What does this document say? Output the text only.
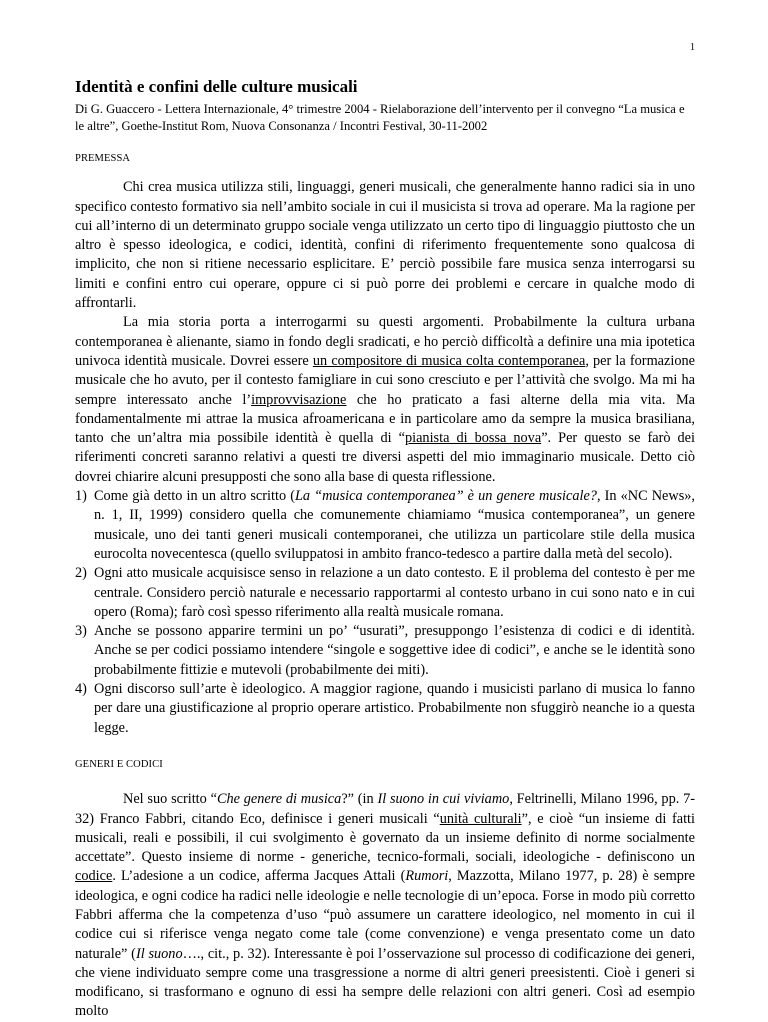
1
Identità e confini delle culture musicali
Di G. Guaccero - Lettera Internazionale, 4° trimestre 2004 - Rielaborazione dell’intervento per il convegno “La musica e le altre”, Goethe-Institut Rom, Nuova Consonanza / Incontri Festival, 30-11-2002
PREMESSA

Chi crea musica utilizza stili, linguaggi, generi musicali, che generalmente hanno radici sia in uno specifico contesto formativo sia nell’ambito sociale in cui il musicista si trova ad operare. Ma la ragione per cui all’interno di un determinato gruppo sociale venga utilizzato un certo tipo di linguaggio piuttosto che un altro è spesso ideologica, e codici, identità, confini di riferimento frequentemente sono qualcosa di implicito, che non si ritiene necessario esplicitare. E’ perciò possibile fare musica senza interrogarsi su limiti e confini entro cui operare, oppure ci si può porre dei problemi e cercare in qualche modo di affrontarli.

La mia storia porta a interrogarmi su questi argomenti. Probabilmente la cultura urbana contemporanea è alienante, siamo in fondo degli sradicati, e ho perciò difficoltà a definire una mia ipotetica univoca identità musicale. Dovrei essere un compositore di musica colta contemporanea, per la formazione musicale che ho avuto, per il contesto famigliare in cui sono cresciuto e per l’attività che svolgo. Ma mi ha sempre interessato anche l’improvvisazione che ho praticato a fasi alterne della mia vita. Ma fondamentalmente mi attrae la musica afroamericana e in particolare amo da sempre la musica brasiliana, tanto che un’altra mia possibile identità è quella di “pianista di bossa nova”. Per questo se farò dei riferimenti concreti saranno relativi a questi tre diversi aspetti del mio immaginario musicale. Detto ciò dovrei chiarire alcuni presupposti che sono alla base di questa riflessione.

1) Come già detto in un altro scritto (La “musica contemporanea” è un genere musicale?, In «NC News», n. 1, II, 1999) considero quella che comunemente chiamiamo “musica contemporanea”, un genere musicale, uno dei tanti generi musicali contemporanei, che utilizza un particolare stile della musica eurocolta novecentesca (quello sviluppatosi in ambito franco-tedesco a partire dalla metà del secolo).
2) Ogni atto musicale acquisisce senso in relazione a un dato contesto. E il problema del contesto è per me centrale. Considero perciò naturale e necessario rapportarmi al contesto urbano in cui sono nato e in cui opero (Roma); farò così spesso riferimento alla realtà musicale romana.
3) Anche se possono apparire termini un po’ “usurati”, presuppongo l’esistenza di codici e di identità. Anche se per codici possiamo intendere “singole e soggettive idee di codici”, e anche se le identità sono probabilmente fittizie e mutevoli (probabilmente dei miti).
4) Ogni discorso sull’arte è ideologico. A maggior ragione, quando i musicisti parlano di musica lo fanno per dare una giustificazione al proprio operare artistico. Probabilmente non sfuggirò neanche io a questa legge.
GENERI E CODICI

Nel suo scritto “Che genere di musica?” (in Il suono in cui viviamo, Feltrinelli, Milano 1996, pp. 7-32) Franco Fabbri, citando Eco, definisce i generi musicali “unità culturali”, e cioè “un insieme di fatti musicali, reali e possibili, il cui svolgimento è governato da un insieme definito di norme socialmente accettate”. Questo insieme di norme - generiche, tecnico-formali, sociali, ideologiche - definiscono un codice. L’adesione a un codice, afferma Jacques Attali (Rumori, Mazzotta, Milano 1977, p. 28) è sempre ideologica, e ogni codice ha radici nelle ideologie e nelle tecnologie di un’epoca. Forse in modo più corretto Fabbri afferma che la competenza d’uso “può assumere un carattere ideologico, nel momento in cui il codice cui si riferisce venga negato come tale (come convenzione) e venga presentato come un dato naturale” (Il suono…., cit., p. 32). Interessante è poi l’osservazione sul processo di codificazione dei generi, che viene individuato sempre come una trasgressione a norme di altri generi preesistenti. Cioè i generi si modificano, si trasformano e ognuno di essi ha sempre delle relazioni con altri generi. Così ad esempio molto
